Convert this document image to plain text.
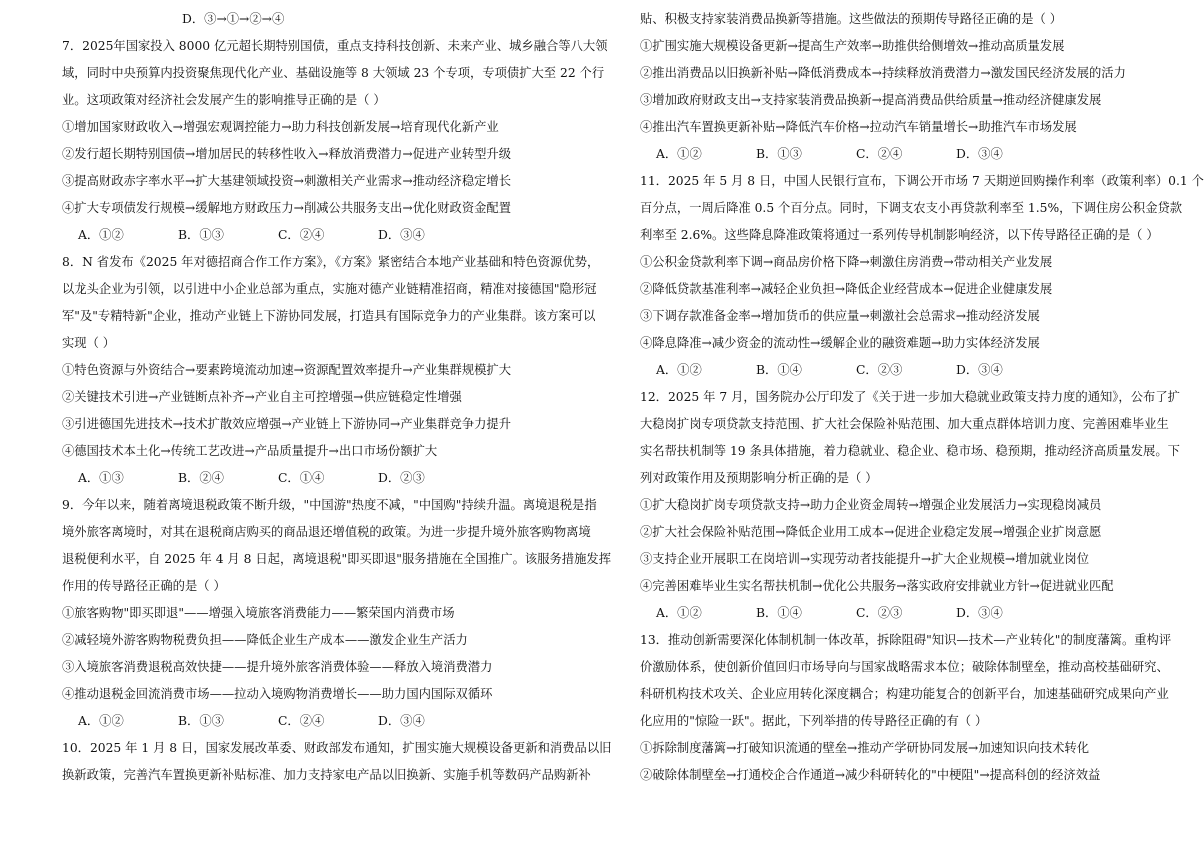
D．③→①→②→④
7．2025年国家投入 8000 亿元超长期特别国债，重点支持科技创新、未来产业、城乡融合等八大领
域，同时中央预算内投资聚焦现代化产业、基础设施等 8 大领域 23 个专项，专项债扩大至 22 个行
业。这项政策对经济社会发展产生的影响推导正确的是（ ）
①增加国家财政收入→增强宏观调控能力→助力科技创新发展→培育现代化新产业
②发行超长期特别国债→增加居民的转移性收入→释放消费潜力→促进产业转型升级
③提高财政赤字率水平→扩大基建领域投资→刺激相关产业需求→推动经济稳定增长
④扩大专项债发行规模→缓解地方财政压力→削减公共服务支出→优化财政资金配置
A．①②	B．①③	C．②④	D．③④
8．N 省发布《2025 年对德招商合作工作方案》，《方案》紧密结合本地产业基础和特色资源优势，
以龙头企业为引领，以引进中小企业总部为重点，实施对德产业链精准招商，精准对接德国"隐形冠
军"及"专精特新"企业，推动产业链上下游协同发展，打造具有国际竞争力的产业集群。该方案可以
实现（ ）
①特色资源与外资结合→要素跨境流动加速→资源配置效率提升→产业集群规模扩大
②关键技术引进→产业链断点补齐→产业自主可控增强→供应链稳定性增强
③引进德国先进技术→技术扩散效应增强→产业链上下游协同→产业集群竞争力提升
④德国技术本土化→传统工艺改进→产品质量提升→出口市场份额扩大
A．①③	B．②④	C．①④	D．②③
9．今年以来，随着离境退税政策不断升级，"中国游"热度不减，"中国购"持续升温。离境退税是指
境外旅客离境时，对其在退税商店购买的商品退还增值税的政策。为进一步提升境外旅客购物离境
退税便利水平，自 2025 年 4 月 8 日起，离境退税"即买即退"服务措施在全国推广。该服务措施发挥
作用的传导路径正确的是（ ）
①旅客购物"即买即退"——增强入境旅客消费能力——繁荣国内消费市场
②减轻境外游客购物税费负担——降低企业生产成本——激发企业生产活力
③入境旅客消费退税高效快捷——提升境外旅客消费体验——释放入境消费潜力
④推动退税金回流消费市场——拉动入境购物消费增长——助力国内国际双循环
A．①②	B．①③	C．②④	D．③④
10．2025 年 1 月 8 日，国家发展改革委、财政部发布通知，扩围实施大规模设备更新和消费品以旧
换新政策，完善汽车置换更新补贴标准、加力支持家电产品以旧换新、实施手机等数码产品购新补
贴、积极支持家装消费品换新等措施。这些做法的预期传导路径正确的是（ ）
①扩围实施大规模设备更新→提高生产效率→助推供给侧增效→推动高质量发展
②推出消费品以旧换新补贴→降低消费成本→持续释放消费潜力→激发国民经济发展的活力
③增加政府财政支出→支持家装消费品换新→提高消费品供给质量→推动经济健康发展
④推出汽车置换更新补贴→降低汽车价格→拉动汽车销量增长→助推汽车市场发展
A．①②	B．①③	C．②④	D．③④
11．2025 年 5 月 8 日，中国人民银行宣布，下调公开市场 7 天期逆回购操作利率（政策利率）0.1 个
百分点，一周后降准 0.5 个百分点。同时，下调支农支小再贷款利率至 1.5%，下调住房公积金贷款
利率至 2.6%。这些降息降准政策将通过一系列传导机制影响经济，以下传导路径正确的是（ ）
①公积金贷款利率下调→商品房价格下降→刺激住房消费→带动相关产业发展
②降低贷款基准利率→减轻企业负担→降低企业经营成本→促进企业健康发展
③下调存款准备金率→增加货币的供应量→刺激社会总需求→推动经济发展
④降息降准→减少资金的流动性→缓解企业的融资难题→助力实体经济发展
A．①②	B．①④	C．②③	D．③④
12．2025 年 7 月，国务院办公厅印发了《关于进一步加大稳就业政策支持力度的通知》，公布了扩
大稳岗扩岗专项贷款支持范围、扩大社会保险补贴范围、加大重点群体培训力度、完善困难毕业生
实名帮扶机制等 19 条具体措施，着力稳就业、稳企业、稳市场、稳预期，推动经济高质量发展。下
列对政策作用及预期影响分析正确的是（ ）
①扩大稳岗扩岗专项贷款支持→助力企业资金周转→增强企业发展活力→实现稳岗减员
②扩大社会保险补贴范围→降低企业用工成本→促进企业稳定发展→增强企业扩岗意愿
③支持企业开展职工在岗培训→实现劳动者技能提升→扩大企业规模→增加就业岗位
④完善困难毕业生实名帮扶机制→优化公共服务→落实政府安排就业方针→促进就业匹配
A．①②	B．①④	C．②③	D．③④
13．推动创新需要深化体制机制一体改革，拆除阻碍"知识—技术—产业转化"的制度藩篱。重构评
价激励体系，使创新价值回归市场导向与国家战略需求本位；破除体制壁垒，推动高校基础研究、
科研机构技术攻关、企业应用转化深度耦合；构建功能复合的创新平台，加速基础研究成果向产业
化应用的"惊险一跃"。据此，下列举措的传导路径正确的有（ ）
①拆除制度藩篱→打破知识流通的壁垒→推动产学研协同发展→加速知识向技术转化
②破除体制壁垒→打通校企合作通道→减少科研转化的"中梗阻"→提高科创的经济效益
